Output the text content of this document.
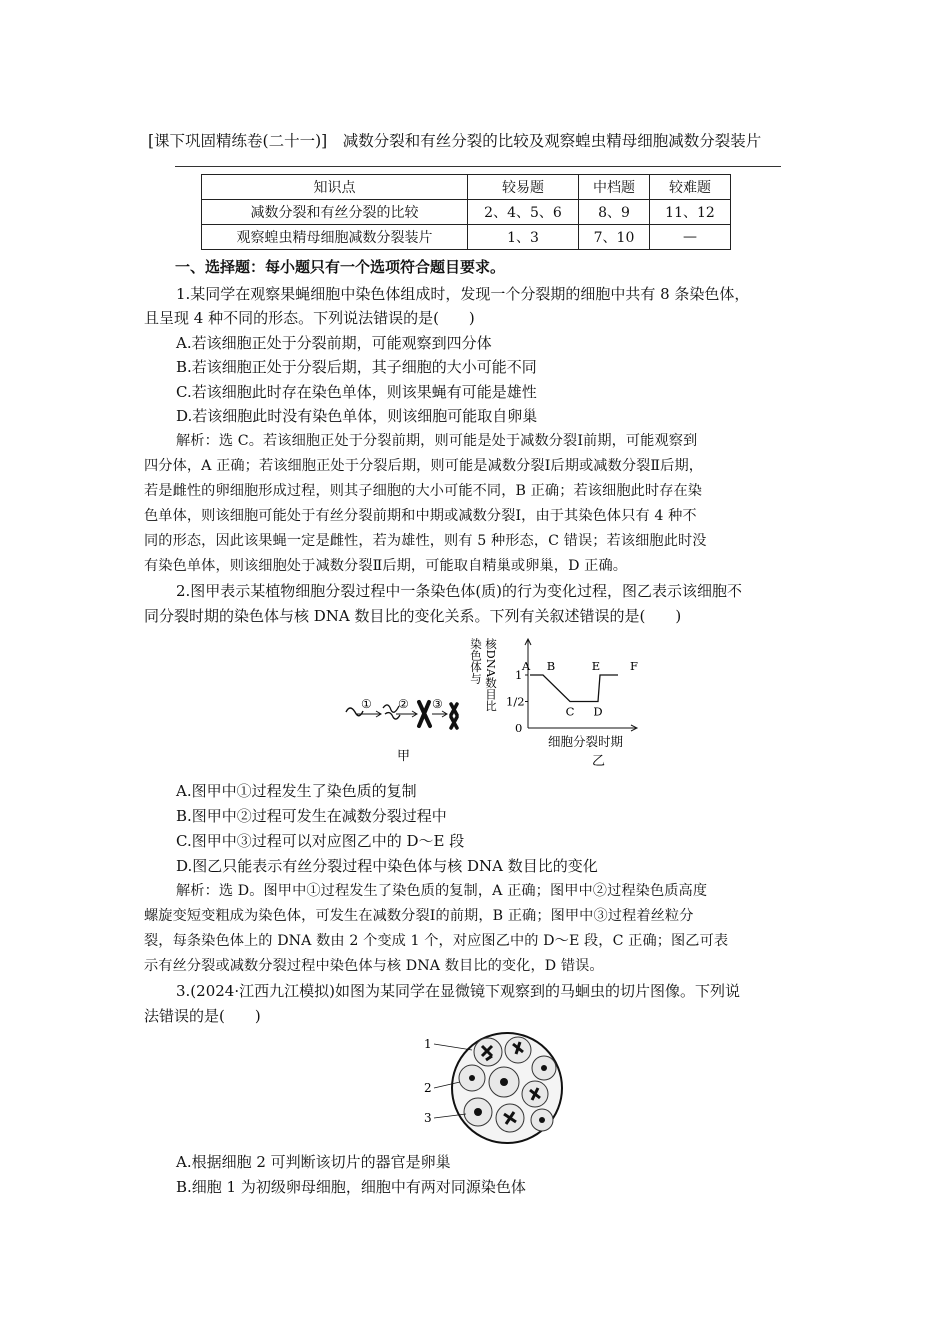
[课下巩固精练卷(二十一)]　减数分裂和有丝分裂的比较及观察蝗虫精母细胞减数分裂装片
知识点	较易题	中档题	较难题
减数分裂和有丝分裂的比较	2、4、5、6	8、9	11、12
观察蝗虫精母细胞减数分裂装片	1、3	7、10	—
一、选择题：每小题只有一个选项符合题目要求。
1.某同学在观察果蝇细胞中染色体组成时，发现一个分裂期的细胞中共有 8 条染色体，
且呈现 4 种不同的形态。下列说法错误的是(　　)
A.若该细胞正处于分裂前期，可能观察到四分体
B.若该细胞正处于分裂后期，其子细胞的大小可能不同
C.若该细胞此时存在染色单体，则该果蝇有可能是雄性
D.若该细胞此时没有染色单体，则该细胞可能取自卵巢
解析：选 C。若该细胞正处于分裂前期，则可能是处于减数分裂Ⅰ前期，可能观察到
四分体，A 正确；若该细胞正处于分裂后期，则可能是减数分裂Ⅰ后期或减数分裂Ⅱ后期，
若是雌性的卵细胞形成过程，则其子细胞的大小可能不同，B 正确；若该细胞此时存在染
色单体，则该细胞可能处于有丝分裂前期和中期或减数分裂Ⅰ，由于其染色体只有 4 种不
同的形态，因此该果蝇一定是雌性，若为雄性，则有 5 种形态，C 错误；若该细胞此时没
有染色单体，则该细胞处于减数分裂Ⅱ后期，可能取自精巢或卵巢，D 正确。
2.图甲表示某植物细胞分裂过程中一条染色体(质)的行为变化过程，图乙表示该细胞不
同分裂时期的染色体与核 DNA 数目比的变化关系。下列有关叙述错误的是(　　)
① ② ③
甲
染色体与 核DNA数目比 1
1/2
0
A B
C D
E	F
细胞分裂时期
乙
A.图甲中①过程发生了染色质的复制
B.图甲中②过程可发生在减数分裂过程中
C.图甲中③过程可以对应图乙中的 D～E 段
D.图乙只能表示有丝分裂过程中染色体与核 DNA 数目比的变化
解析：选 D。图甲中①过程发生了染色质的复制，A 正确；图甲中②过程染色质高度
螺旋变短变粗成为染色体，可发生在减数分裂Ⅰ的前期，B 正确；图甲中③过程着丝粒分
裂，每条染色体上的 DNA 数由 2 个变成 1 个，对应图乙中的 D～E 段，C 正确；图乙可表
示有丝分裂或减数分裂过程中染色体与核 DNA 数目比的变化，D 错误。
3.(2024·江西九江模拟)如图为某同学在显微镜下观察到的马蛔虫的切片图像。下列说
法错误的是(　　)
1
2
3
A.根据细胞 2 可判断该切片的器官是卵巢
B.细胞 1 为初级卵母细胞，细胞中有两对同源染色体
